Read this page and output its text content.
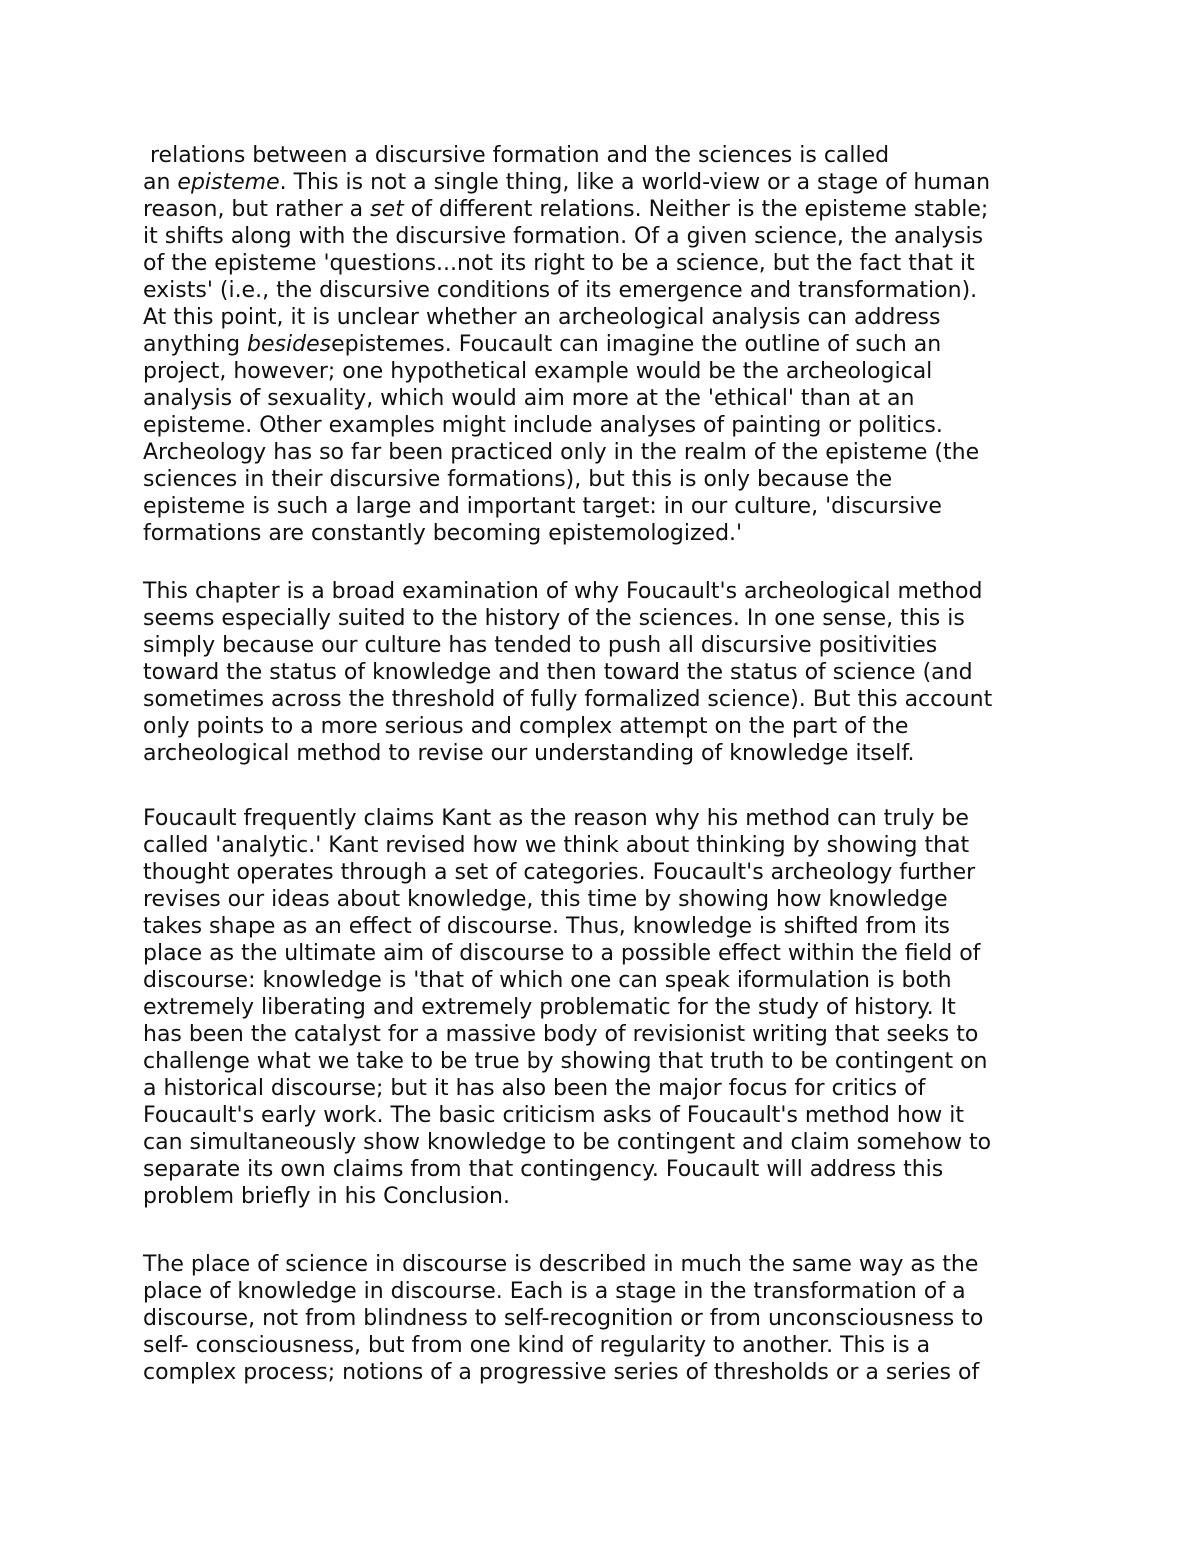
relations between a discursive formation and the sciences is called
an episteme. This is not a single thing, like a world-view or a stage of human
reason, but rather a set of different relations. Neither is the episteme stable;
it shifts along with the discursive formation. Of a given science, the analysis
of the episteme 'questions...not its right to be a science, but the fact that it
exists' (i.e., the discursive conditions of its emergence and transformation).
At this point, it is unclear whether an archeological analysis can address
anything besidesepistemes. Foucault can imagine the outline of such an
project, however; one hypothetical example would be the archeological
analysis of sexuality, which would aim more at the 'ethical' than at an
episteme. Other examples might include analyses of painting or politics.
Archeology has so far been practiced only in the realm of the episteme (the
sciences in their discursive formations), but this is only because the
episteme is such a large and important target: in our culture, 'discursive
formations are constantly becoming epistemologized.'
This chapter is a broad examination of why Foucault's archeological method
seems especially suited to the history of the sciences. In one sense, this is
simply because our culture has tended to push all discursive positivities
toward the status of knowledge and then toward the status of science (and
sometimes across the threshold of fully formalized science). But this account
only points to a more serious and complex attempt on the part of the
archeological method to revise our understanding of knowledge itself.
Foucault frequently claims Kant as the reason why his method can truly be
called 'analytic.' Kant revised how we think about thinking by showing that
thought operates through a set of categories. Foucault's archeology further
revises our ideas about knowledge, this time by showing how knowledge
takes shape as an effect of discourse. Thus, knowledge is shifted from its
place as the ultimate aim of discourse to a possible effect within the field of
discourse: knowledge is 'that of which one can speak iformulation is both
extremely liberating and extremely problematic for the study of history. It
has been the catalyst for a massive body of revisionist writing that seeks to
challenge what we take to be true by showing that truth to be contingent on
a historical discourse; but it has also been the major focus for critics of
Foucault's early work. The basic criticism asks of Foucault's method how it
can simultaneously show knowledge to be contingent and claim somehow to
separate its own claims from that contingency. Foucault will address this
problem briefly in his Conclusion.
The place of science in discourse is described in much the same way as the
place of knowledge in discourse. Each is a stage in the transformation of a
discourse, not from blindness to self-recognition or from unconsciousness to
self- consciousness, but from one kind of regularity to another. This is a
complex process; notions of a progressive series of thresholds or a series of
